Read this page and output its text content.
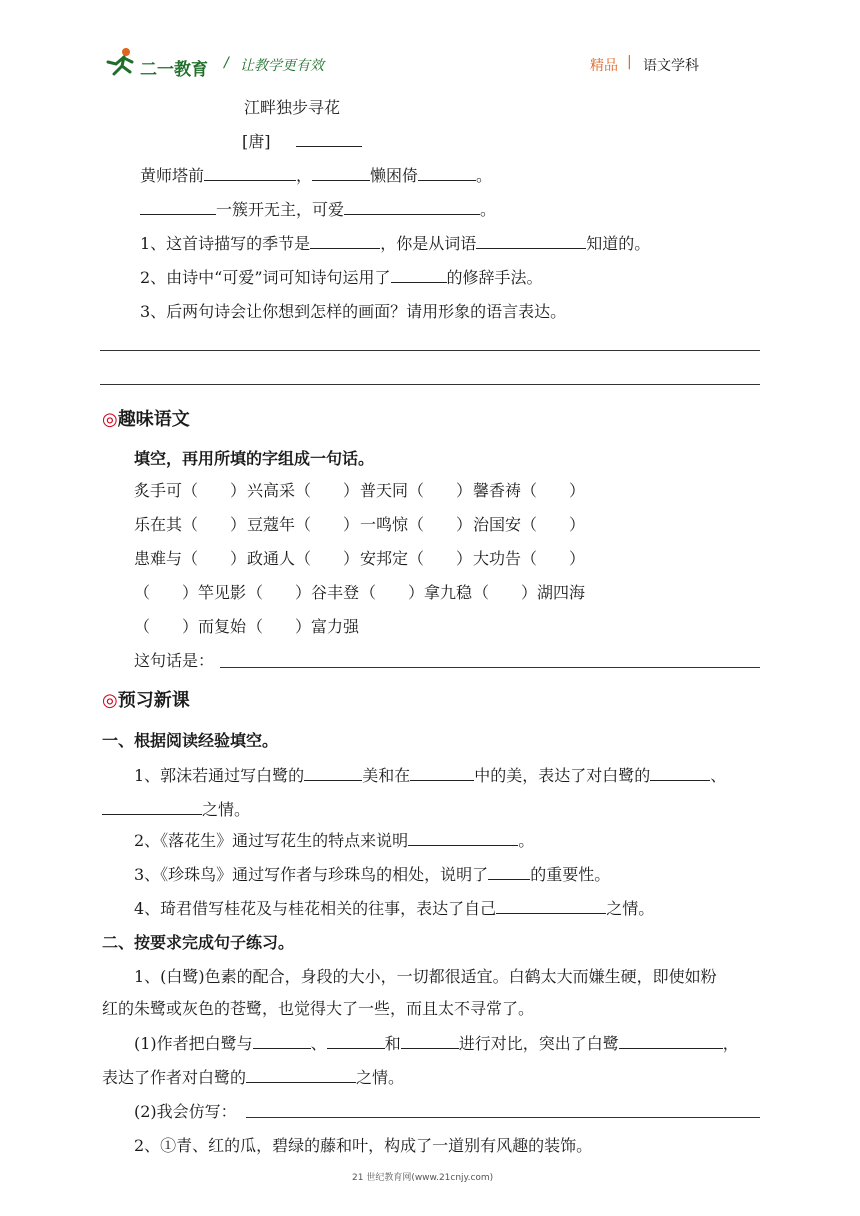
二一教育 / 让教学更有效	精品 | 语文学科
江畔独步寻花
[唐]
黄师塔前	，	懒困倚	。
一簇开无主，可爱	。
1、这首诗描写的季节是	，你是从词语	知道的。
2、由诗中“可爱”词可知诗句运用了	的修辞手法。
3、后两句诗会让你想到怎样的画面？请用形象的语言表达。
◎趣味语文
填空，再用所填的字组成一句话。
炙手可（　　）兴高采（　　）普天同（　　）馨香祷（　　）
乐在其（　　）豆蔻年（　　）一鸣惊（　　）治国安（　　）
患难与（　　）政通人（　　）安邦定（　　）大功告（　　）
（　　）竿见影（　　）谷丰登（　　）拿九稳（　　）湖四海
（　　）而复始（　　）富力强
这句话是：
◎预习新课
一、根据阅读经验填空。
1、郭沫若通过写白鹭的	美和在	中的美，表达了对白鹭的	、
之情。
2、《落花生》通过写花生的特点来说明	。
3、《珍珠鸟》通过写作者与珍珠鸟的相处，说明了	的重要性。
4、琦君借写桂花及与桂花相关的往事，表达了自己	之情。
二、按要求完成句子练习。
1、(白鹭)色素的配合，身段的大小，一切都很适宜。白鹤太大而嫌生硬，即使如粉
红的朱鹭或灰色的苍鹭，也觉得大了一些，而且太不寻常了。
(1)作者把白鹭与	、	和	进行对比，突出了白鹭	，
表达了作者对白鹭的	之情。
(2)我会仿写：
2、①青、红的瓜，碧绿的藤和叶，构成了一道别有风趣的装饰。
21 世纪教育网(www.21cnjy.com)
